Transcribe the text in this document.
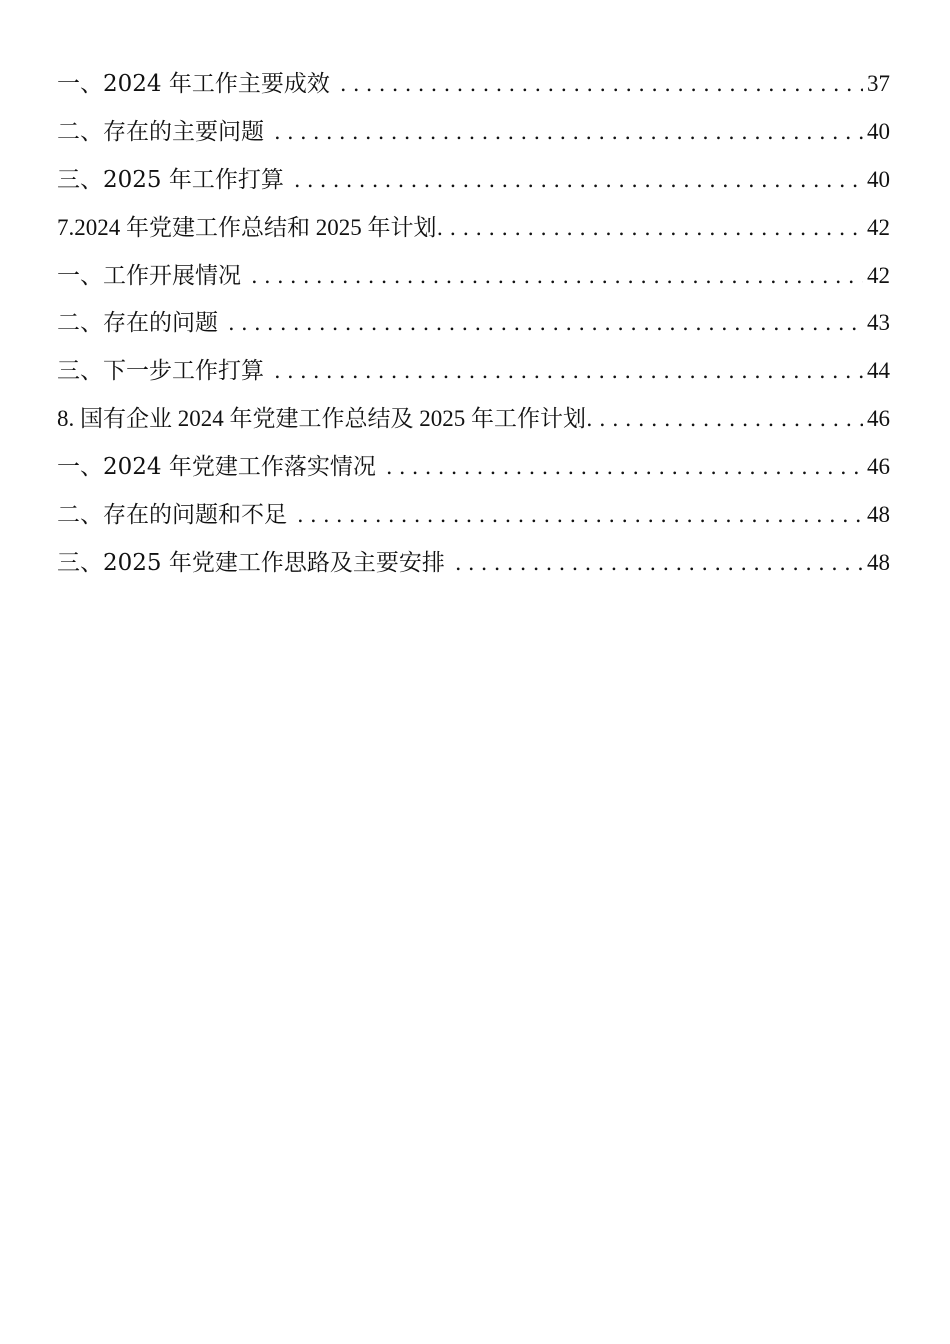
一、2024 年工作主要成效 .....	37
二、存在的主要问题 .....	40
三、2025 年工作打算 .....	40
7.2024 年党建工作总结和 2025 年计划 .....	42
一、工作开展情况 .....	42
二、存在的问题 .....	43
三、下一步工作打算 .....	44
8. 国有企业 2024 年党建工作总结及 2025 年工作计划 .....	46
一、2024 年党建工作落实情况 .....	46
二、存在的问题和不足 .....	48
三、2025 年党建工作思路及主要安排 .....	48
